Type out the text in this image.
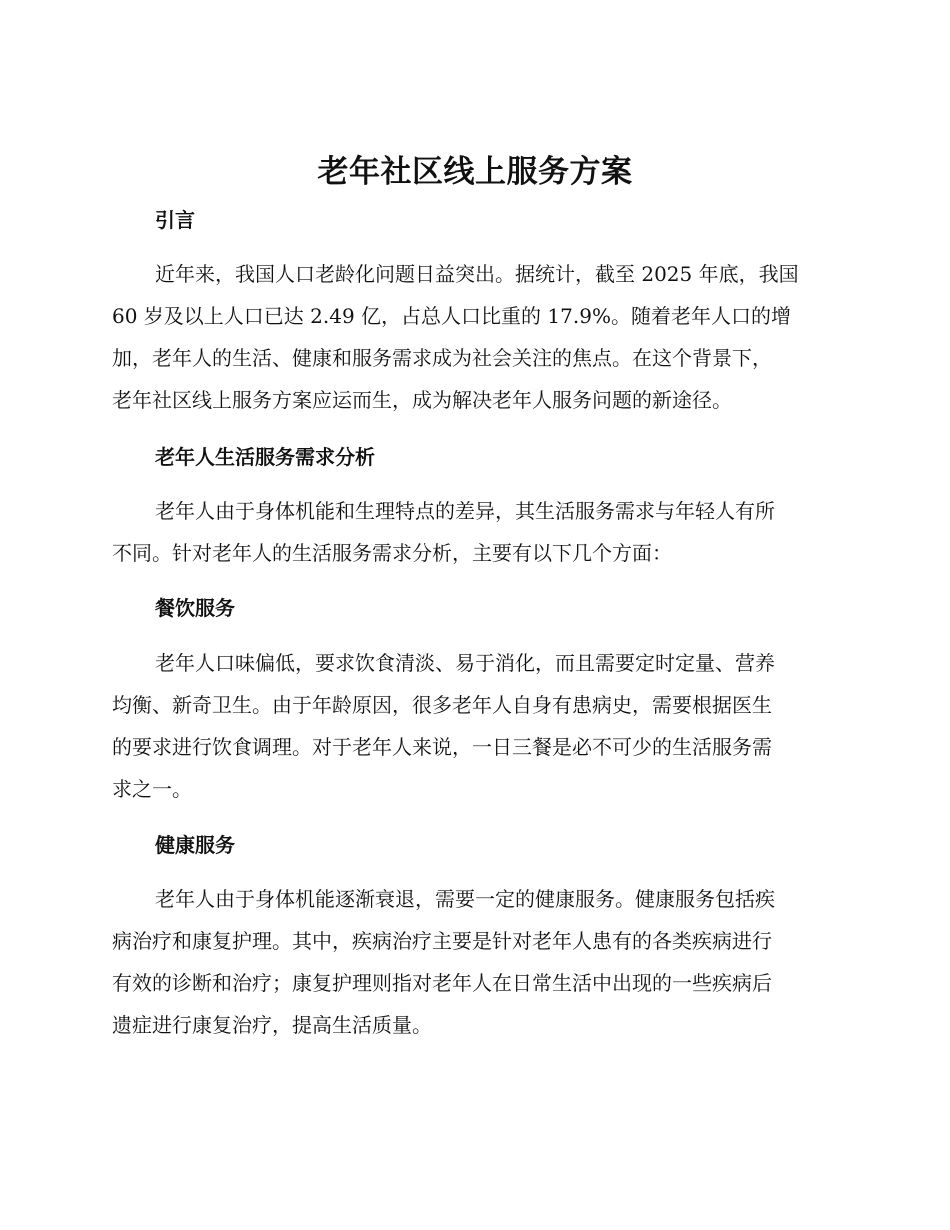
老年社区线上服务方案
引言
近年来，我国人口老龄化问题日益突出。据统计，截至 2025 年底，我国
60 岁及以上人口已达 2.49 亿，占总人口比重的 17.9%。随着老年人口的增
加，老年人的生活、健康和服务需求成为社会关注的焦点。在这个背景下，
老年社区线上服务方案应运而生，成为解决老年人服务问题的新途径。
老年人生活服务需求分析
老年人由于身体机能和生理特点的差异，其生活服务需求与年轻人有所
不同。针对老年人的生活服务需求分析，主要有以下几个方面：
餐饮服务
老年人口味偏低，要求饮食清淡、易于消化，而且需要定时定量、营养
均衡、新奇卫生。由于年龄原因，很多老年人自身有患病史，需要根据医生
的要求进行饮食调理。对于老年人来说，一日三餐是必不可少的生活服务需
求之一。
健康服务
老年人由于身体机能逐渐衰退，需要一定的健康服务。健康服务包括疾
病治疗和康复护理。其中，疾病治疗主要是针对老年人患有的各类疾病进行
有效的诊断和治疗；康复护理则指对老年人在日常生活中出现的一些疾病后
遗症进行康复治疗，提高生活质量。
